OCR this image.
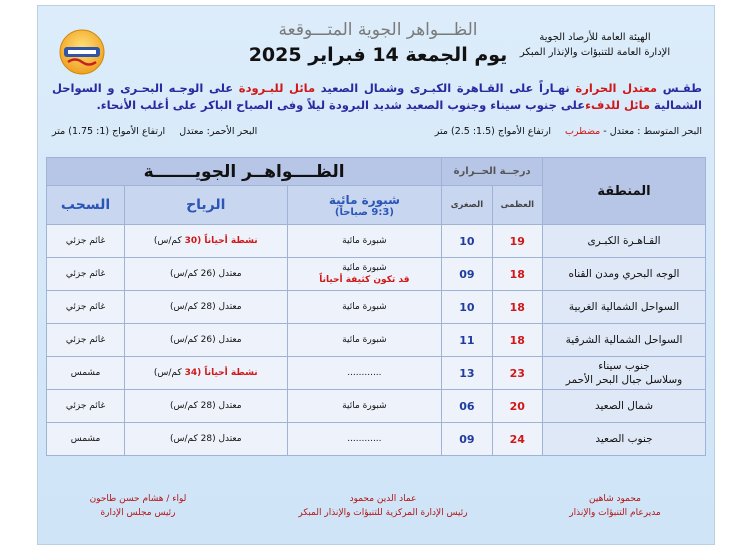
الهيئة العامة للأرصاد الجوية
الإدارة العامة للتنبؤات والإنذار المبكر
الظـــواهر الجوية المتـــوقعة
يوم الجمعة 14 فبراير 2025
طقـس معتدل الحرارة نهـاراً على القـاهرة الكبـرى وشمال الصعيد مائل للبـرودة على الوجـه البحـرى و السواحل الشمالية مائل للدفءعلى جنوب سيناء وجنوب الصعيد شديد البرودة ليلاً وفى الصباح الباكر على أغلب الأنحاء.
البحر المتوسط : معتدل - مضطرب
ارتفاع الأمواج (1.5: 2.5) متر
البحر الأحمر: معتدل
ارتفاع الأمواج (1: 1.75) متر
المنطقة	درجــة الحــرارة		الظــــواهــر الجويـــــــة		
	العظمى	الصغرى	شبورة مائية
(9:3 صباحاً)	الرياح	السحب

القـاهـرة الكبـرى	19	10	شبورة مائية	نشطة أحياناً (30 كم/س)	غائم جزئي

الوجه البحري ومدن القناه	18	09	شبورة مائية
قد تكون كثيفة أحياناً	معتدل (26 كم/س)	غائم جزئي

السواحل الشمالية الغربية	18	10	شبورة مائية	معتدل (28 كم/س)	غائم جزئي

السواحل الشمالية الشرقية	18	11	شبورة مائية	معتدل (26 كم/س)	غائم جزئي

جنوب سيناء
وسلاسل جبال البحر الأحمر	23	13	............	نشطة أحياناً (34 كم/س)	مشمس

شمال الصعيد	20	06	شبورة مائية	معتدل (28 كم/س)	غائم جزئي

جنوب الصعيد	24	09	............	معتدل (28 كم/س)	مشمس
محمود شاهين
مديرعام التنبؤات والإنذار
عماد الدين محمود
رئيس الإدارة المركزية للتنبؤات والإنذار المبكر
لواء / هشام حسن طاحون
رئيس مجلس الإدارة
